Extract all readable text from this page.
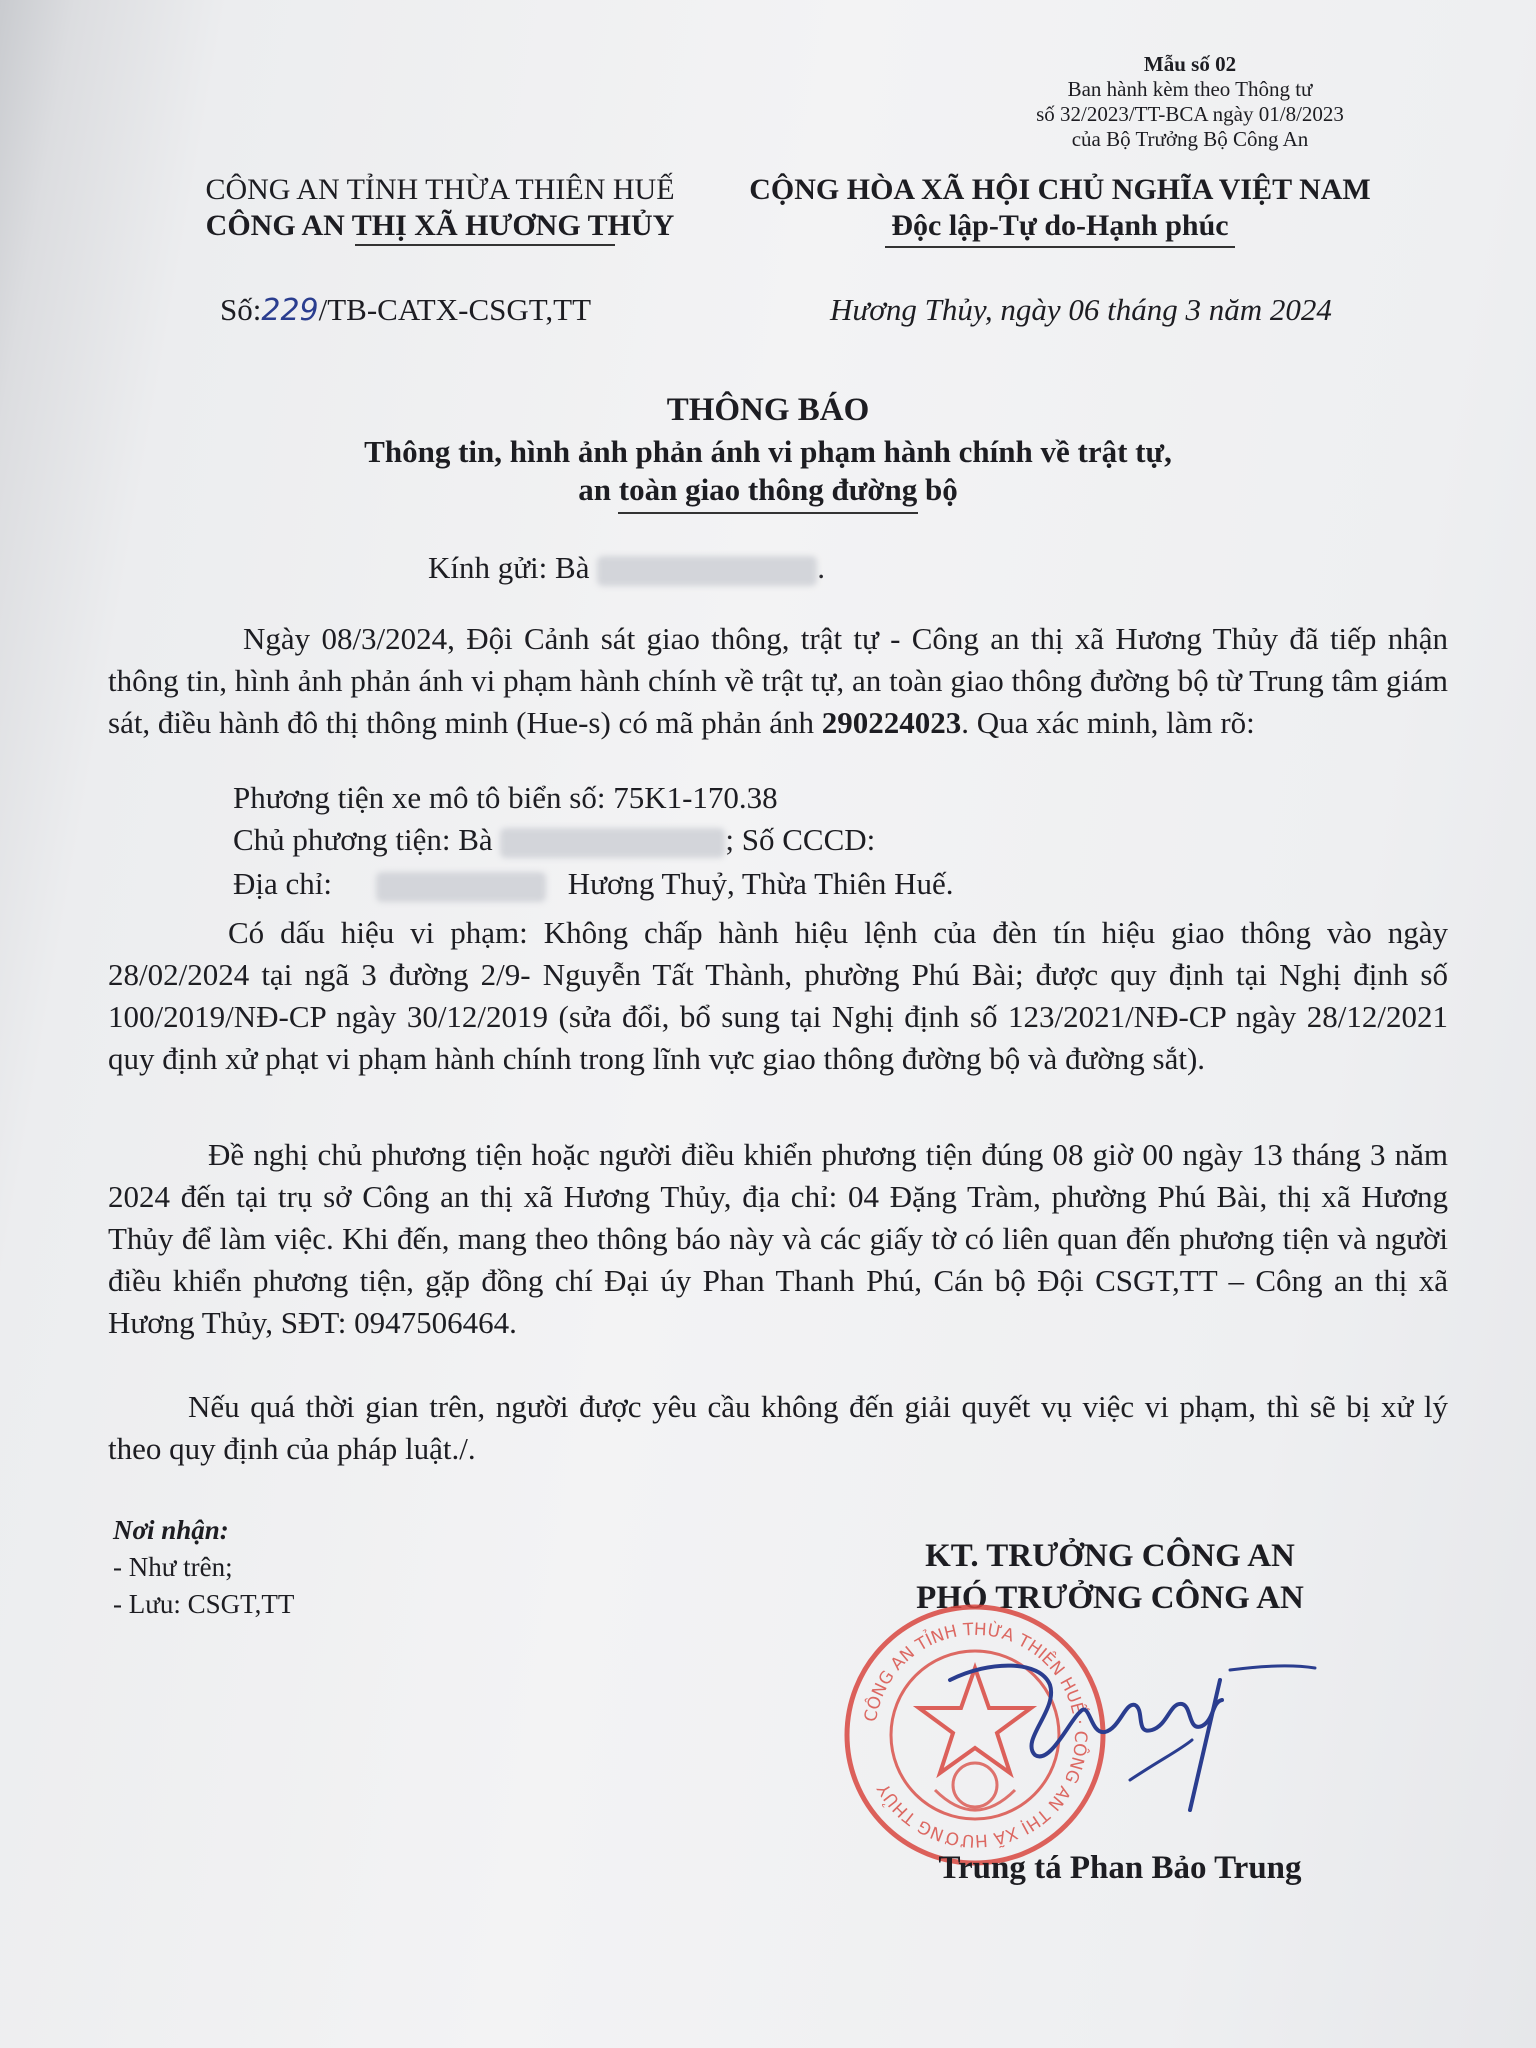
Mẫu số 02
Ban hành kèm theo Thông tư
số 32/2023/TT-BCA ngày 01/8/2023
của Bộ Trưởng Bộ Công An
CÔNG AN TỈNH THỪA THIÊN HUẾ
CÔNG AN THỊ XÃ HƯƠNG THỦY
CỘNG HÒA XÃ HỘI CHỦ NGHĨA VIỆT NAM
Độc lập-Tự do-Hạnh phúc
Số:229/TB-CATX-CSGT,TT	Hương Thủy, ngày 06 tháng 3 năm 2024
THÔNG BÁO
Thông tin, hình ảnh phản ánh vi phạm hành chính về trật tự,
an toàn giao thông đường bộ
Kính gửi: Bà	.
Ngày 08/3/2024, Đội Cảnh sát giao thông, trật tự - Công an thị xã Hương Thủy đã tiếp nhận thông tin, hình ảnh phản ánh vi phạm hành chính về trật tự, an toàn giao thông đường bộ từ Trung tâm giám sát, điều hành đô thị thông minh (Hue-s) có mã phản ánh 290224023. Qua xác minh, làm rõ:
Phương tiện xe mô tô biển số: 75K1-170.38
Chủ phương tiện: Bà	; Số CCCD:
Địa chỉ:	Hương Thuỷ, Thừa Thiên Huế.
Có dấu hiệu vi phạm: Không chấp hành hiệu lệnh của đèn tín hiệu giao thông vào ngày 28/02/2024 tại ngã 3 đường 2/9- Nguyễn Tất Thành, phường Phú Bài; được quy định tại Nghị định số 100/2019/NĐ-CP ngày 30/12/2019 (sửa đổi, bổ sung tại Nghị định số 123/2021/NĐ-CP ngày 28/12/2021 quy định xử phạt vi phạm hành chính trong lĩnh vực giao thông đường bộ và đường sắt).
Đề nghị chủ phương tiện hoặc người điều khiển phương tiện đúng 08 giờ 00 ngày 13 tháng 3 năm 2024 đến tại trụ sở Công an thị xã Hương Thủy, địa chỉ: 04 Đặng Tràm, phường Phú Bài, thị xã Hương Thủy để làm việc. Khi đến, mang theo thông báo này và các giấy tờ có liên quan đến phương tiện và người điều khiển phương tiện, gặp đồng chí Đại úy Phan Thanh Phú, Cán bộ Đội CSGT,TT – Công an thị xã Hương Thủy, SĐT: 0947506464.
Nếu quá thời gian trên, người được yêu cầu không đến giải quyết vụ việc vi phạm, thì sẽ bị xử lý theo quy định của pháp luật./.
Nơi nhận:
- Như trên;
- Lưu: CSGT,TT
KT. TRƯỞNG CÔNG AN
PHÓ TRƯỞNG CÔNG AN
CÔNG AN TỈNH THỪA THIÊN HUẾ · CÔNG AN THỊ XÃ HƯƠNG THỦY
Trung tá Phan Bảo Trung
